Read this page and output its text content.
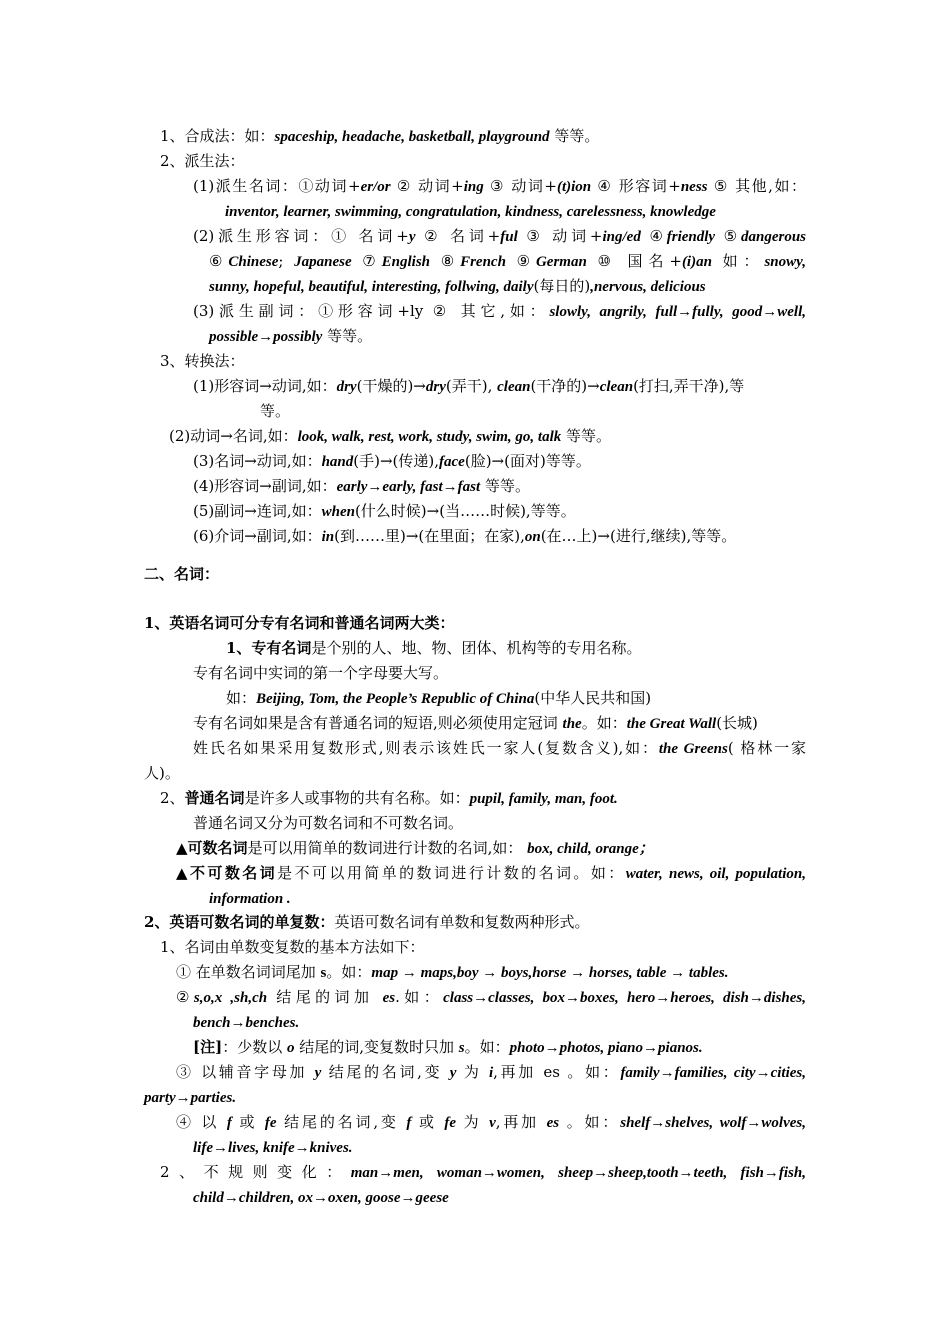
1、合成法：如：spaceship, headache, basketball, playground 等等。
2、派生法：
(1)派生名词：①动词+er/or ② 动词+ing ③ 动词+(t)ion ④ 形容词+ness ⑤ 其他,如：
inventor, learner, swimming, congratulation, kindness, carelessness, knowledge
(2)派生形容词：① 名词+y ② 名词+ful ③ 动词+ing/ed ④friendly ⑤dangerous
⑥Chinese; Japanese ⑦English ⑧French ⑨German ⑩ 国名+(i)an 如：snowy,
sunny, hopeful, beautiful, interesting, follwing, daily(每日的),nervous, delicious
(3)派生副词：①形容词+ly ② 其它,如：slowly, angrily, full→fully, good→well,
possible→possibly 等等。
3、转换法：
(1)形容词→动词,如：dry(干燥的)→dry(弄干), clean(干净的)→clean(打扫,弄干净),等
等。
(2)动词→名词,如：look, walk, rest, work, study, swim, go, talk 等等。
(3)名词→动词,如：hand(手)→(传递),face(脸)→(面对)等等。
(4)形容词→副词,如：early→early, fast→fast 等等。
(5)副词→连词,如：when(什么时候)→(当……时候),等等。
(6)介词→副词,如：in(到……里)→(在里面；在家),on(在…上)→(进行,继续),等等。
二、名词：
1、英语名词可分专有名词和普通名词两大类：
1、专有名词是个别的人、地、物、团体、机构等的专用名称。
专有名词中实词的第一个字母要大写。
如：Beijing, Tom, the People’s Republic of China(中华人民共和国)
专有名词如果是含有普通名词的短语,则必须使用定冠词 the。如：the Great Wall(长城)
姓氏名如果采用复数形式,则表示该姓氏一家人(复数含义),如：the Greens( 格林一家
人)。
2、普通名词是许多人或事物的共有名称。如：pupil, family, man, foot.
普通名词又分为可数名词和不可数名词。
▲可数名词是可以用简单的数词进行计数的名词,如： box, child, orange；
▲不可数名词是不可以用简单的数词进行计数的名词。如：water, news, oil, population,
information .
2、英语可数名词的单复数：英语可数名词有单数和复数两种形式。
1、名词由单数变复数的基本方法如下：
① 在单数名词词尾加 s。如：map → maps,boy → boys,horse → horses, table → tables.
②s,o,x ,sh,ch 结尾的词加 es.如：class→classes, box→boxes, hero→heroes, dish→dishes,
bench→benches.
[注]：少数以 o 结尾的词,变复数时只加 s。如：photo→photos, piano→pianos.
③ 以辅音字母加 y 结尾的名词,变 y 为 i,再加 es 。如：family→families, city→cities,
party→parties.
④ 以 f 或 fe 结尾的名词,变 f 或 fe 为 v,再加 es 。如：shelf→shelves, wolf→wolves,
life→lives, knife→knives.
2、不规则变化：man→men, woman→women, sheep→sheep,tooth→teeth, fish→fish,
child→children, ox→oxen, goose→geese
